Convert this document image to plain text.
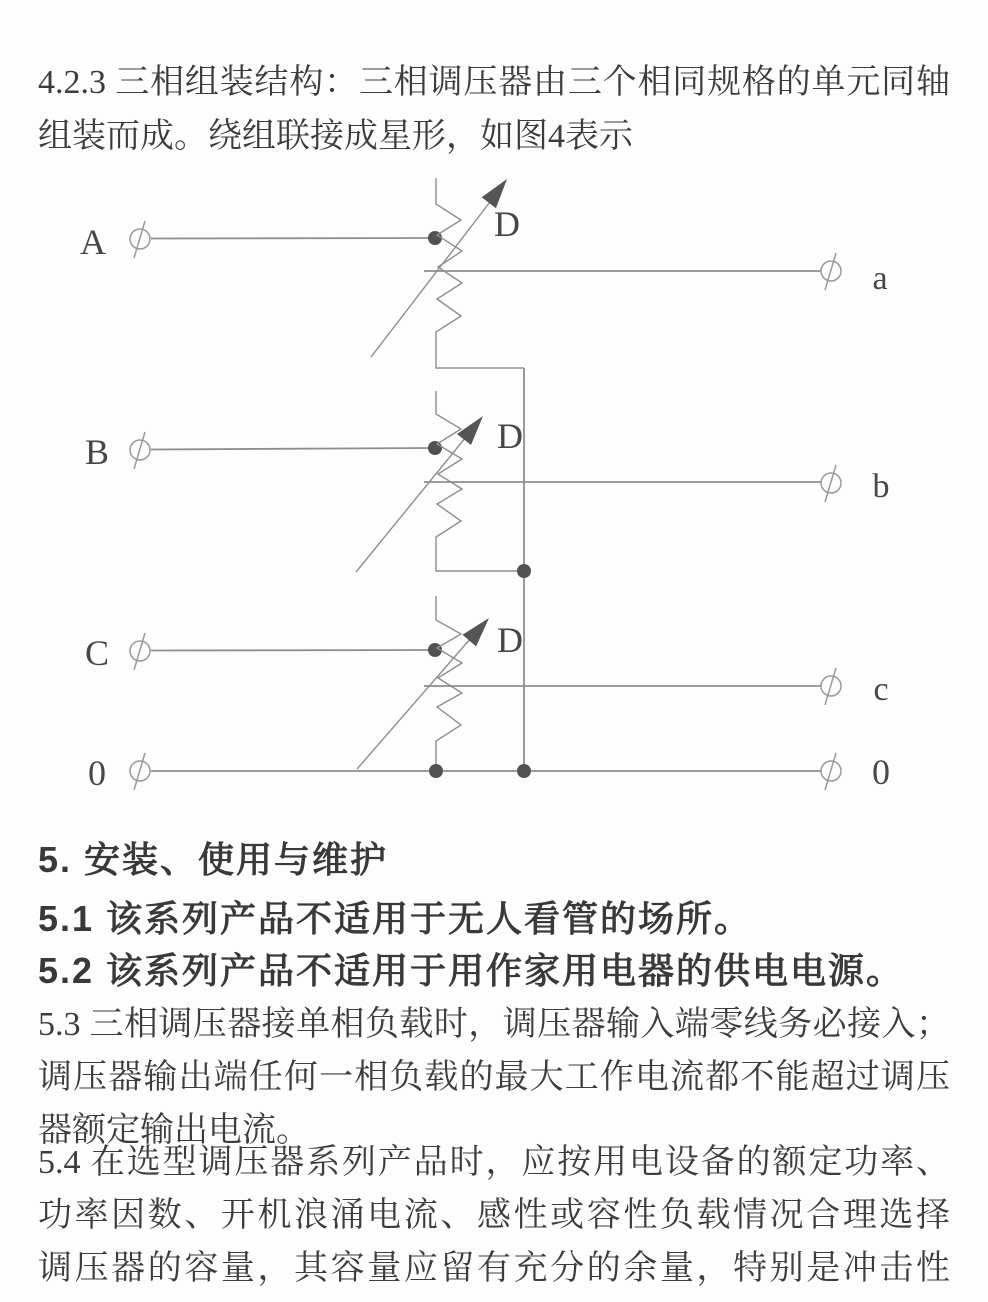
4.2.3 三相组装结构：三相调压器由三个相同规格的单元同轴
组装而成。绕组联接成星形，如图4表示
A	D
a
B	D
b
C	D
c
0	0
5. 安装、使用与维护
5.1 该系列产品不适用于无人看管的场所。
5.2 该系列产品不适用于用作家用电器的供电电源。
5.3 三相调压器接单相负载时，调压器输入端零线务必接入；
调压器输出端任何一相负载的最大工作电流都不能超过调压
器额定输出电流。
5.4 在选型调压器系列产品时，应按用电设备的额定功率、
功率因数、开机浪涌电流、感性或容性负载情况合理选择
调压器的容量，其容量应留有充分的余量，特别是冲击性
